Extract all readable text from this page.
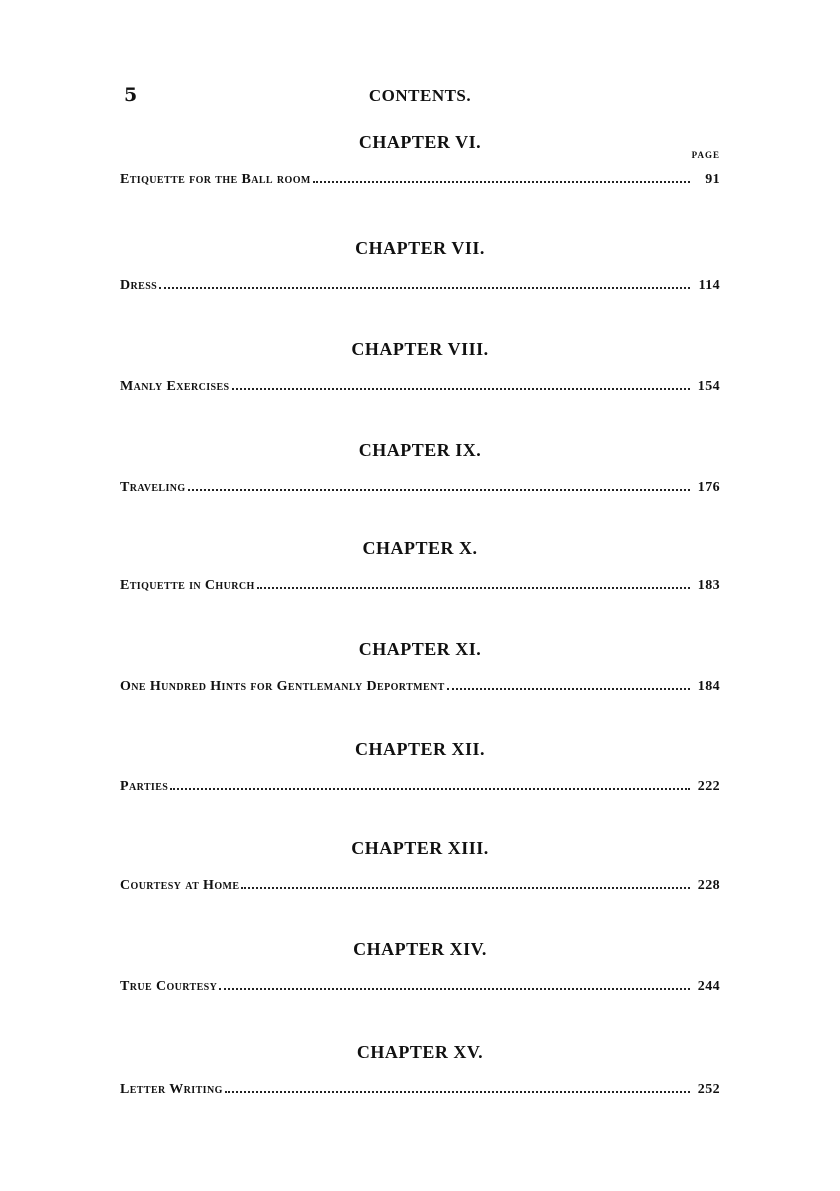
5	CONTENTS.
PAGE
CHAPTER VI.
Etiquette for the Ball room	91
CHAPTER VII.
Dress	114
CHAPTER VIII.
Manly Exercises	154
CHAPTER IX.
Traveling	176
CHAPTER X.
Etiquette in Church	183
CHAPTER XI.
One Hundred Hints for Gentlemanly Deportment	184
CHAPTER XII.
Parties	222
CHAPTER XIII.
Courtesy at Home	228
CHAPTER XIV.
True Courtesy	244
CHAPTER XV.
Letter Writing	252
